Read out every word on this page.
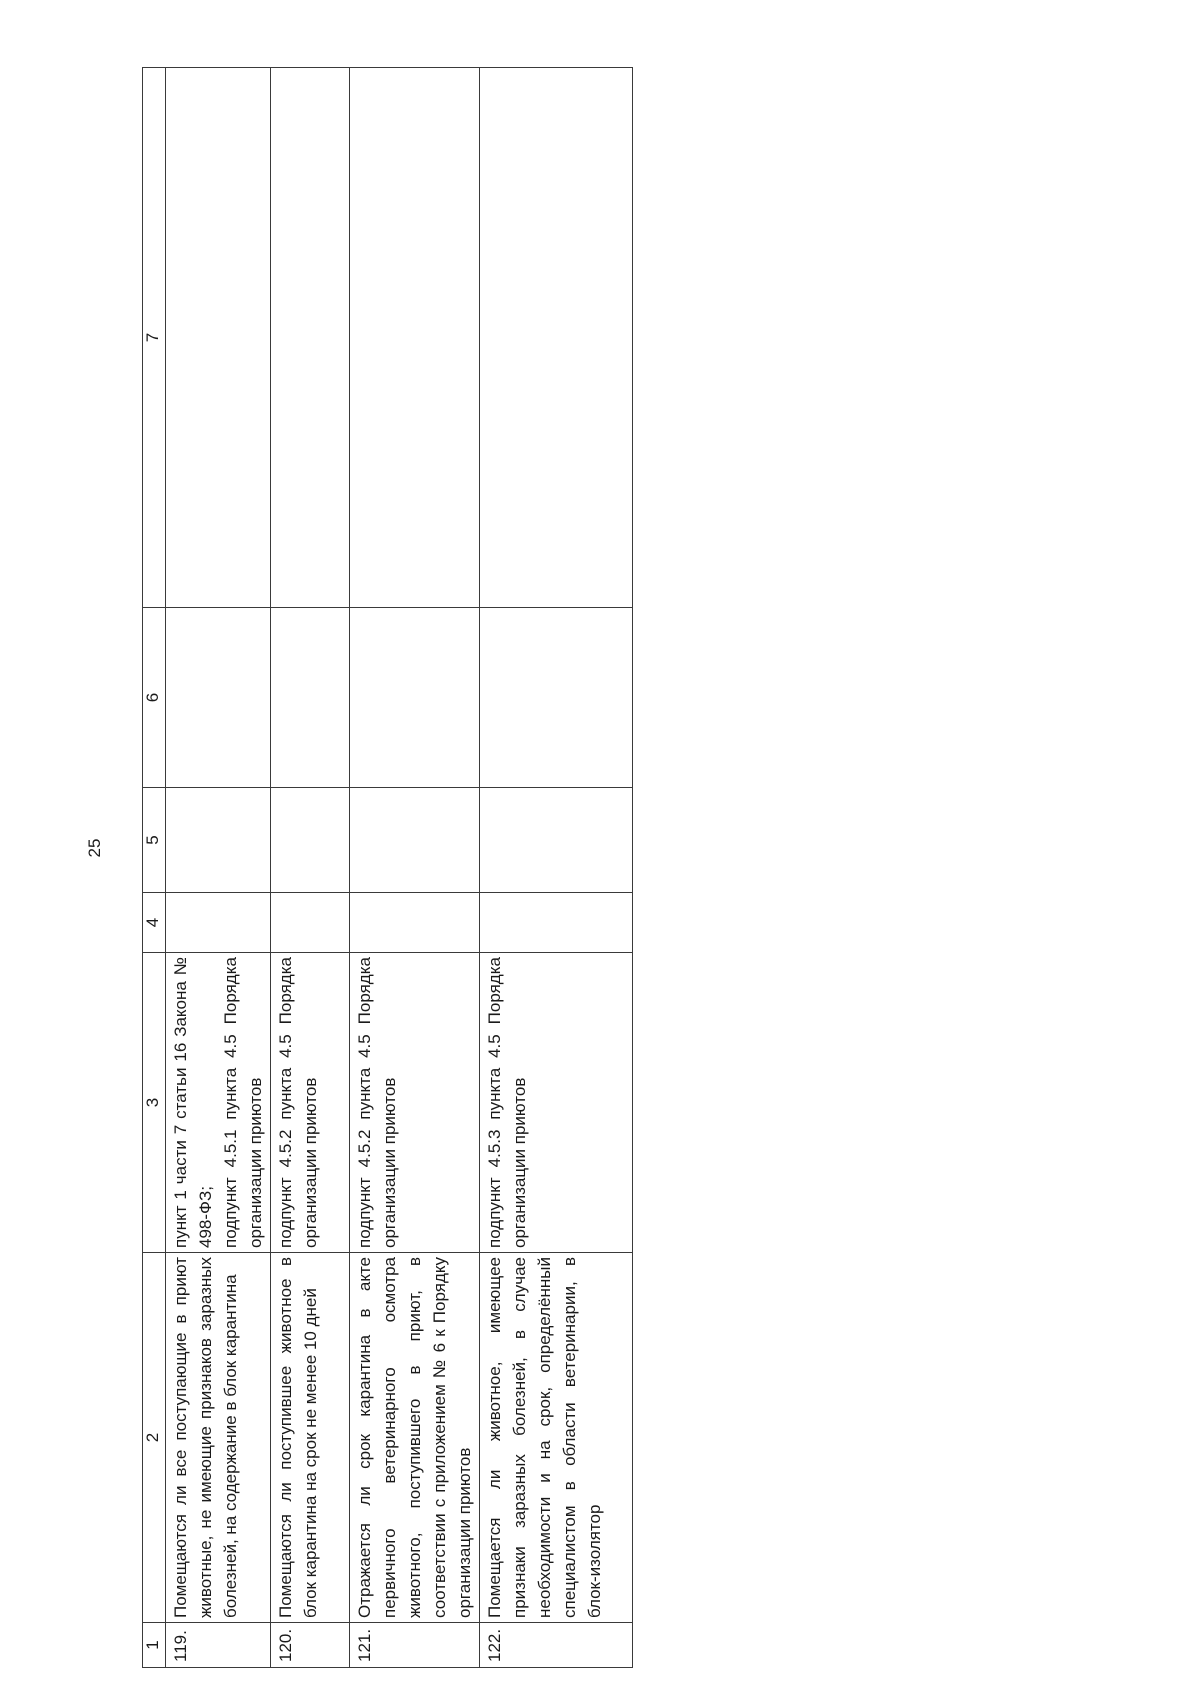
25
1	2	3	4	5	6	7
119.	Помещаются ли все поступающие в приют животные, не имеющие признаков заразных болезней, на содержание в блок карантина	пункт 1 части 7 статьи 16 Закона № 498-ФЗ; подпункт 4.5.1 пункта 4.5 Порядка организации приютов				

120.	Помещаются ли поступившее животное в блок карантина на срок не менее 10 дней	подпункт 4.5.2 пункта 4.5 Порядка организации приютов				

121.	Отражается ли срок карантина в акте первичного ветеринарного осмотра животного, поступившего в приют, в соответствии с приложением № 6 к Порядку организации приютов	подпункт 4.5.2 пункта 4.5 Порядка организации приютов				

122.	Помещается ли животное, имеющее признаки заразных болезней, в случае необходимости и на срок, определённый специалистом в области ветеринарии, в блок-изолятор	подпункт 4.5.3 пункта 4.5 Порядка организации приютов				
